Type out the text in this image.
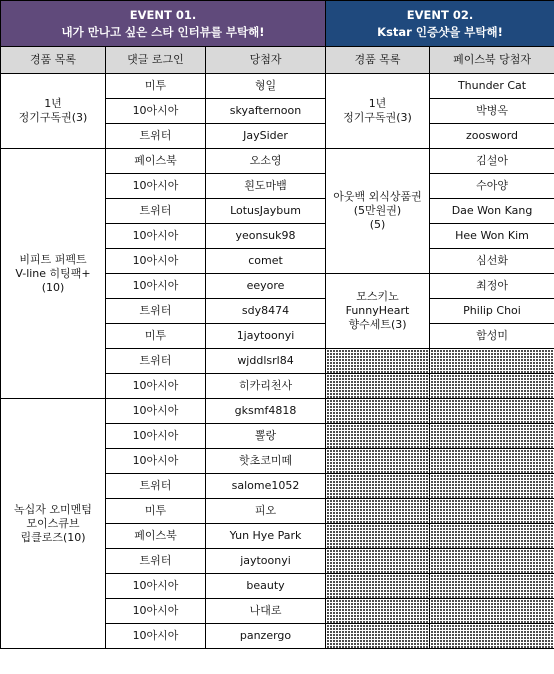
EVENT 01.
내가 만나고 싶은 스타 인터뷰를 부탁해!		

경품 목록	댓글 로그인	당첨자

1년
정기구독권(3)	미투	형일
	10아시아	skyafternoon
	트위터	JaySider

비피트 퍼펙트
V-line 히팅팩+
(10)	페이스북	오소영
	10아시아	흰도마뱀
	트위터	LotusJaybum
	10아시아	yeonsuk98
	10아시아	comet
	10아시아	eeyore
	트위터	sdy8474
	미투	1jaytoonyi
	트위터	wjddlsrl84
	10아시아	히카리천사

녹십자 오미멘텀
모이스큐브
립클로즈(10)	10아시아	gksmf4818
	10아시아	뽈랑
	10아시아	핫초코미떼
	트위터	salome1052
	미투	피오
	페이스북	Yun Hye Park
	트위터	jaytoonyi
	10아시아	beauty
	10아시아	나대로
	10아시아	panzergo
EVENT 02.
Kstar 인증샷을 부탁해!	

경품 목록	페이스북 당첨자

1년
정기구독권(3)	Thunder Cat
	박병옥
	zoosword

아웃백 외식상품권
(5만원권)
(5)	김설아
	수아양
	Dae Won Kang
	Hee Won Kim
	심선화

모스키노
FunnyHeart
향수세트(3)	최정아
	Philip Choi
	함성미
